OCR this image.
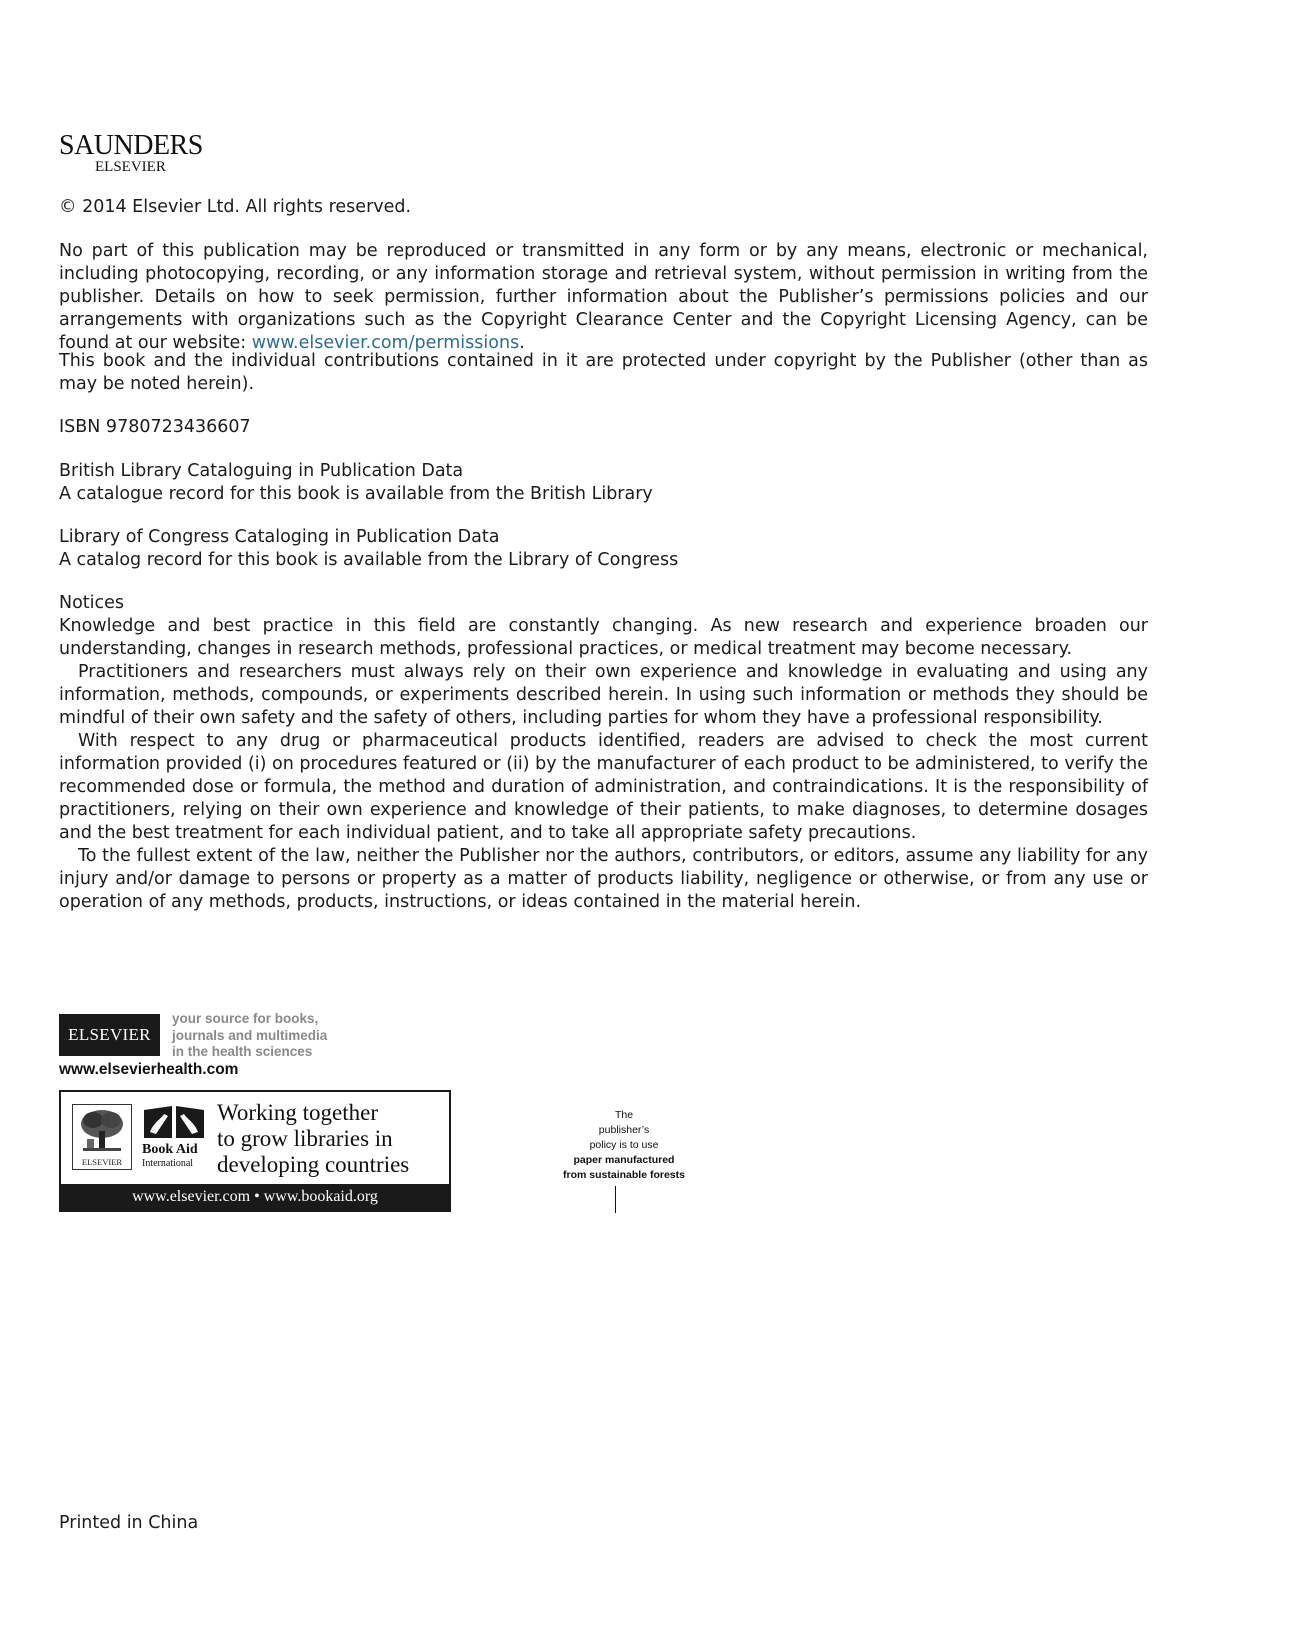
SAUNDERS
ELSEVIER

© 2014 Elsevier Ltd. All rights reserved.

No part of this publication may be reproduced or transmitted in any form or by any means, electronic or mechanical, including photocopying, recording, or any information storage and retrieval system, without permission in writing from the publisher. Details on how to seek permission, further information about the Publisher’s permissions policies and our arrangements with organizations such as the Copyright Clearance Center and the Copyright Licensing Agency, can be found at our website: www.elsevier.com/permissions.

This book and the individual contributions contained in it are protected under copyright by the Publisher (other than as may be noted herein).

ISBN 9780723436607

British Library Cataloguing in Publication Data
A catalogue record for this book is available from the British Library
Library of Congress Cataloging in Publication Data
A catalog record for this book is available from the Library of Congress

Notices

Knowledge and best practice in this field are constantly changing. As new research and experience broaden our understanding, changes in research methods, professional practices, or medical treatment may become necessary.

Practitioners and researchers must always rely on their own experience and knowledge in evaluating and using any information, methods, compounds, or experiments described herein. In using such information or methods they should be mindful of their own safety and the safety of others, including parties for whom they have a professional responsibility.

With respect to any drug or pharmaceutical products identified, readers are advised to check the most current information provided (i) on procedures featured or (ii) by the manufacturer of each product to be administered, to verify the recommended dose or formula, the method and duration of administration, and contraindications. It is the responsibility of practitioners, relying on their own experience and knowledge of their patients, to make diagnoses, to determine dosages and the best treatment for each individual patient, and to take all appropriate safety precautions.

To the fullest extent of the law, neither the Publisher nor the authors, contributors, or editors, assume any liability for any injury and/or damage to persons or property as a matter of products liability, negligence or otherwise, or from any use or operation of any methods, products, instructions, or ideas contained in the material herein.

ELSEVIER
your source for books,
journals and multimedia
in the health sciences
www.elsevierhealth.com
ELSEVIER
Book Aid
International
Working together
to grow libraries in
developing countries
www.elsevier.com • www.bookaid.org
The
publisher’s
policy is to use
paper manufactured
from sustainable forests

Printed in China
